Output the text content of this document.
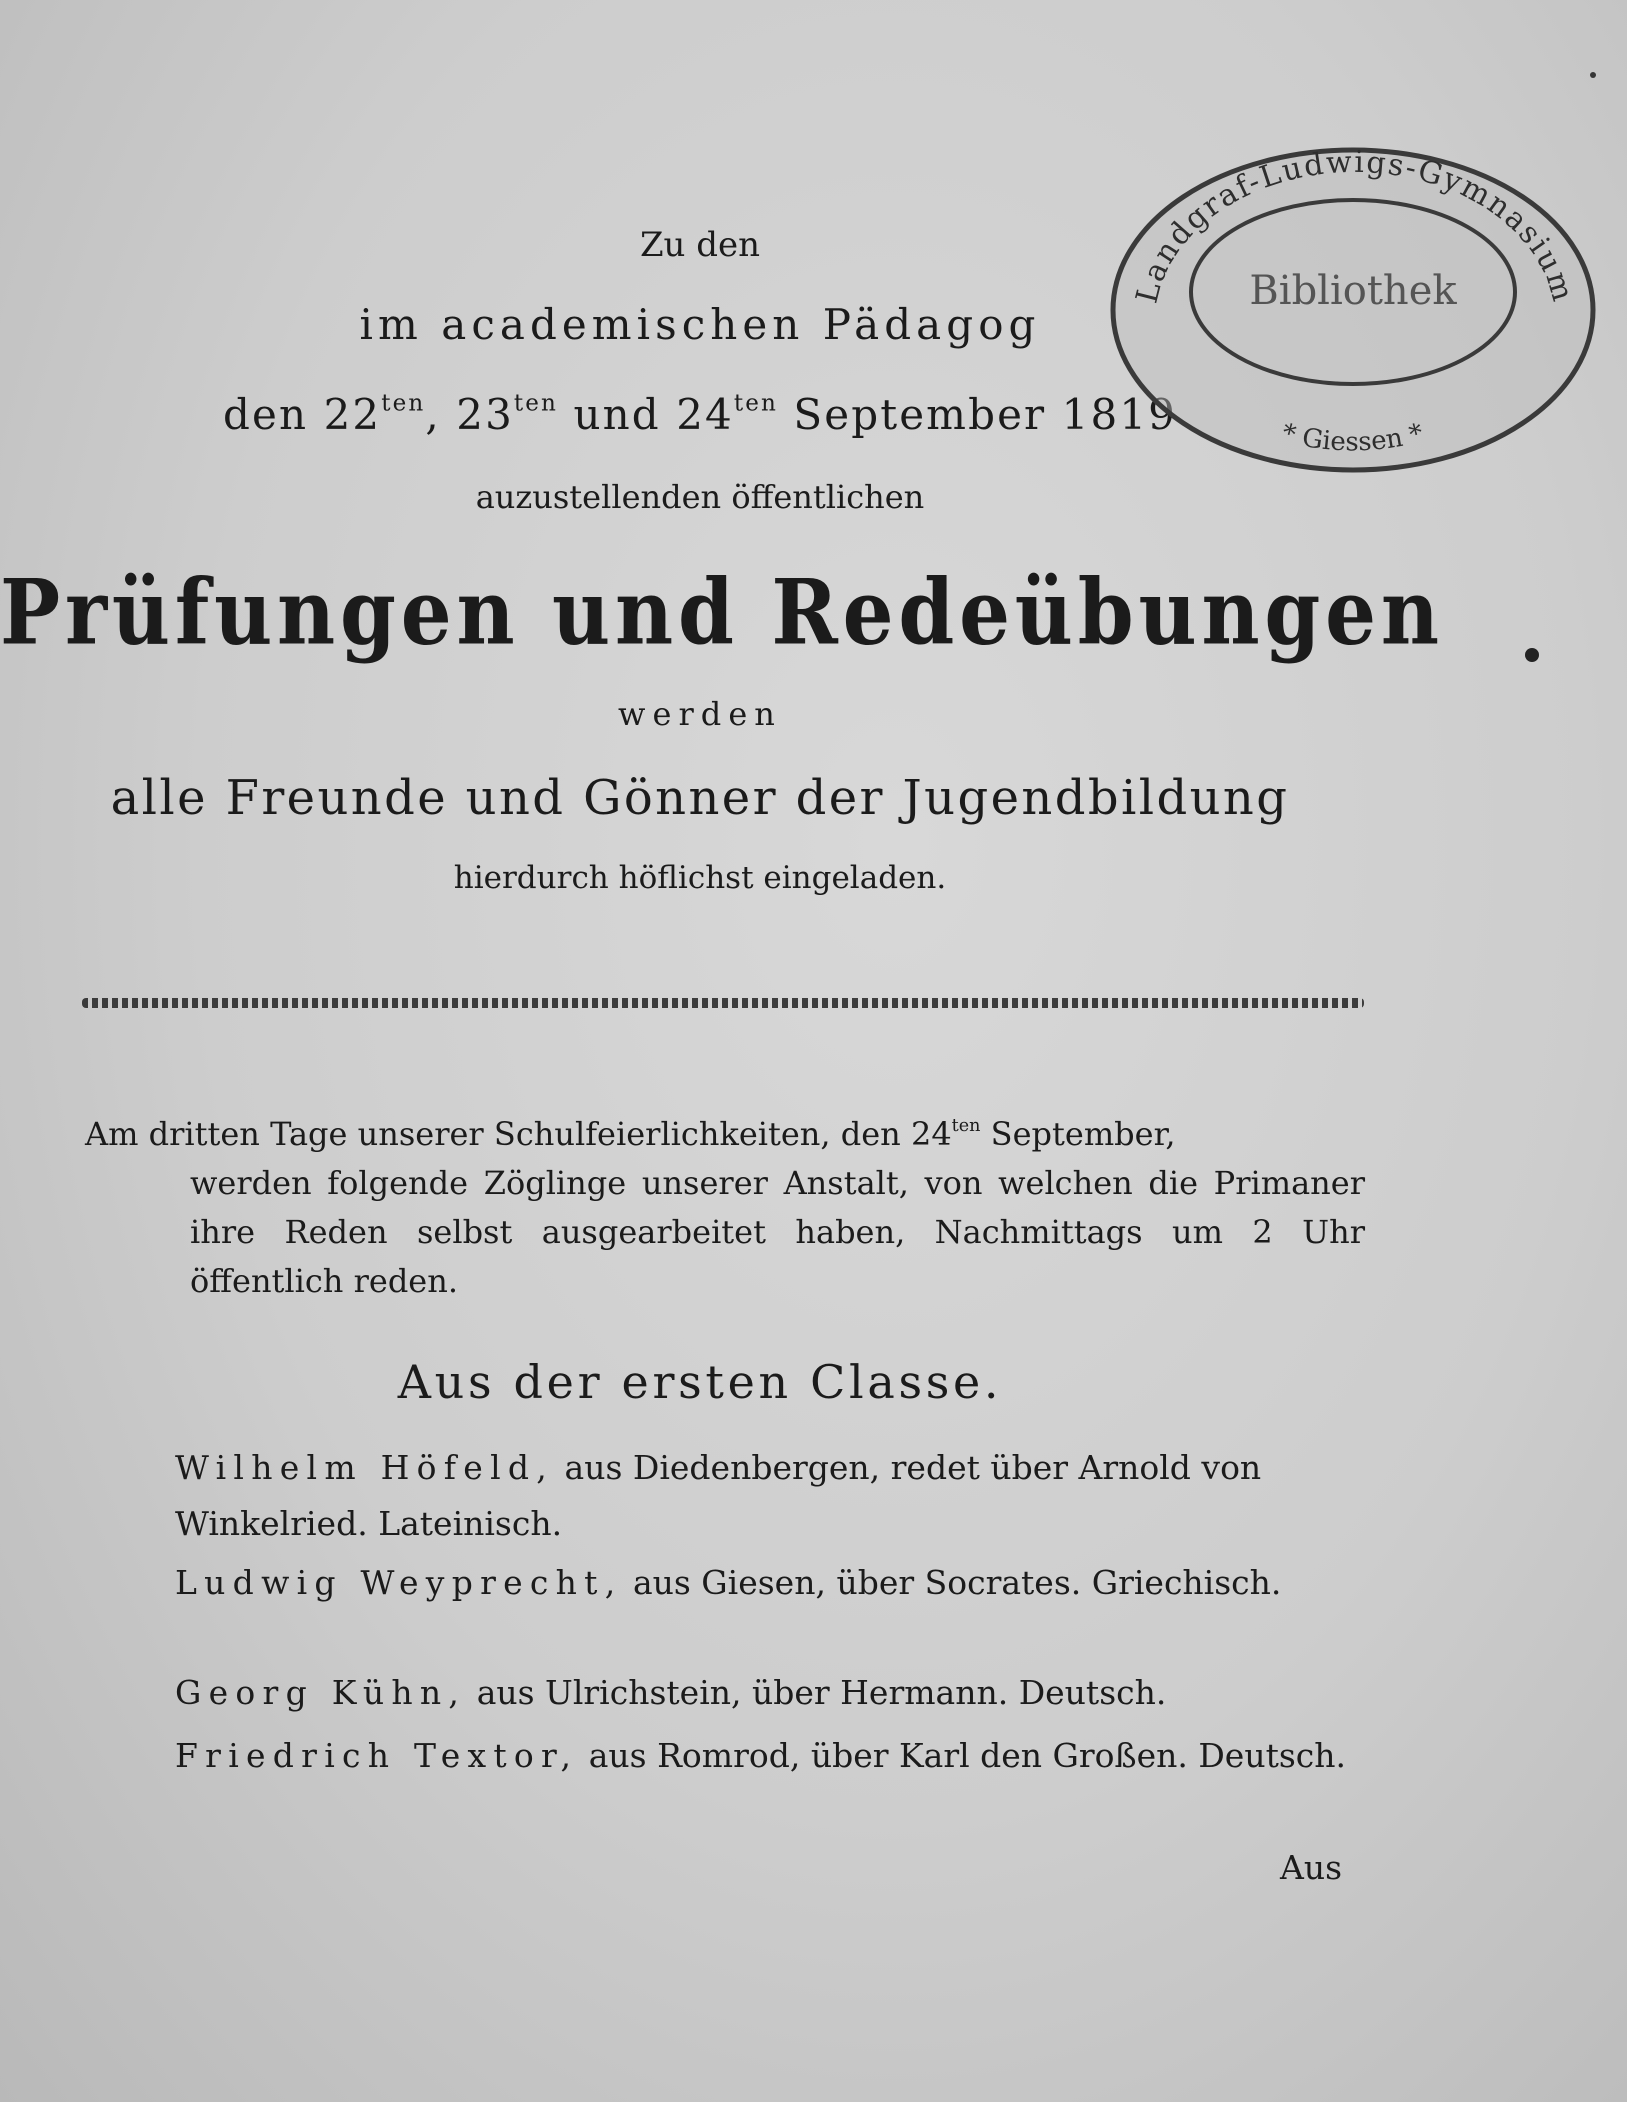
Zu den
im academischen Pädagog
den $22^{ten}$, $23^{ten}$ und $24^{ten}$ September 1819
auzustellenden öffentlichen
Prüfungen und Redeübungen
werden
alle Freunde und Gönner der Jugendbildung
hierdurch höflichst eingeladen.
Am dritten Tage unserer Schulfeierlichkeiten, den $24^{ten}$ September,
werden folgende Zöglinge unserer Anstalt, von welchen die Primaner ihre Reden selbst ausgearbeitet haben, Nachmittags um 2 Uhr öffentlich reden.
Aus der ersten Classe.
Wilhelm Höfeld, aus Diedenbergen, redet über Arnold von Winkelried. Lateinisch.
Ludwig Weyprecht, aus Giesen, über Socrates. Griechisch.
Georg Kühn, aus Ulrichstein, über Hermann. Deutsch.
Friedrich Textor, aus Romrod, über Karl den Großen. Deutsch.
Aus
Landgraf-Ludwigs-Gymnasium
* Giessen *
Bibliothek
